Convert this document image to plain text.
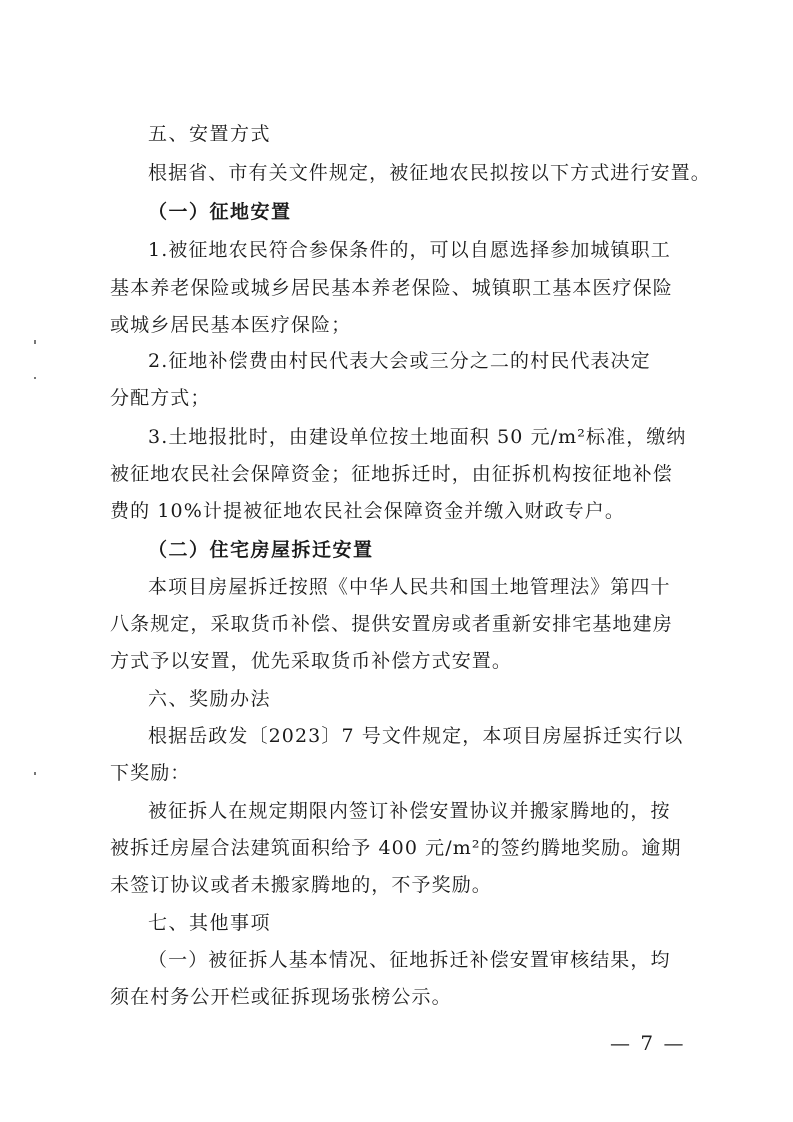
五、安置方式
根据省、市有关文件规定，被征地农民拟按以下方式进行安置。
（一）征地安置
1.被征地农民符合参保条件的，可以自愿选择参加城镇职工
基本养老保险或城乡居民基本养老保险、城镇职工基本医疗保险
或城乡居民基本医疗保险；
2.征地补偿费由村民代表大会或三分之二的村民代表决定
分配方式；
3.土地报批时，由建设单位按土地面积 50 元/m²标准，缴纳
被征地农民社会保障资金；征地拆迁时，由征拆机构按征地补偿
费的 10%计提被征地农民社会保障资金并缴入财政专户。
（二）住宅房屋拆迁安置
本项目房屋拆迁按照《中华人民共和国土地管理法》第四十
八条规定，采取货币补偿、提供安置房或者重新安排宅基地建房
方式予以安置，优先采取货币补偿方式安置。
六、奖励办法
根据岳政发〔2023〕7 号文件规定，本项目房屋拆迁实行以
下奖励：
被征拆人在规定期限内签订补偿安置协议并搬家腾地的，按
被拆迁房屋合法建筑面积给予 400 元/m²的签约腾地奖励。逾期
未签订协议或者未搬家腾地的，不予奖励。
七、其他事项
（一）被征拆人基本情况、征地拆迁补偿安置审核结果，均
须在村务公开栏或征拆现场张榜公示。
— 7 —
